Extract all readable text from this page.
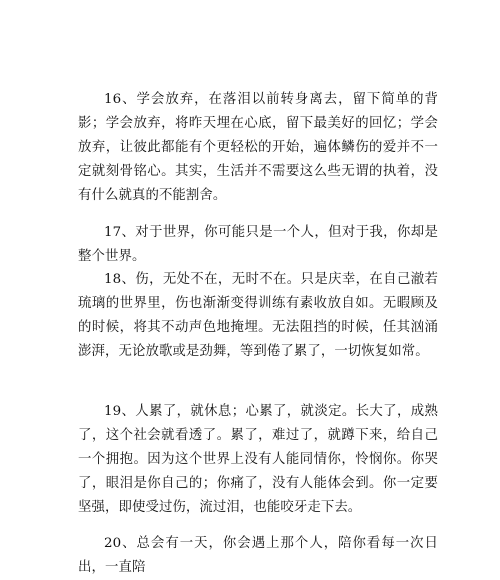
16、学会放弃，在落泪以前转身离去，留下简单的背影；学会放弃，将昨天埋在心底，留下最美好的回忆；学会放弃，让彼此都能有个更轻松的开始，遍体鳞伤的爱并不一定就刻骨铭心。其实，生活并不需要这么些无谓的执着，没有什么就真的不能割舍。

17、对于世界，你可能只是一个人，但对于我，你却是整个世界。

18、伤，无处不在，无时不在。只是庆幸，在自己澈若琉璃的世界里，伤也渐渐变得训练有素收放自如。无暇顾及的时候，将其不动声色地掩埋。无法阻挡的时候，任其汹涌澎湃，无论放歌或是劲舞，等到倦了累了，一切恢复如常。

19、人累了，就休息；心累了，就淡定。长大了，成熟了，这个社会就看透了。累了，难过了，就蹲下来，给自己一个拥抱。因为这个世界上没有人能同情你，怜悯你。你哭了，眼泪是你自己的；你痛了，没有人能体会到。你一定要坚强，即使受过伤，流过泪，也能咬牙走下去。

20、总会有一天，你会遇上那个人，陪你看每一次日出，一直陪
